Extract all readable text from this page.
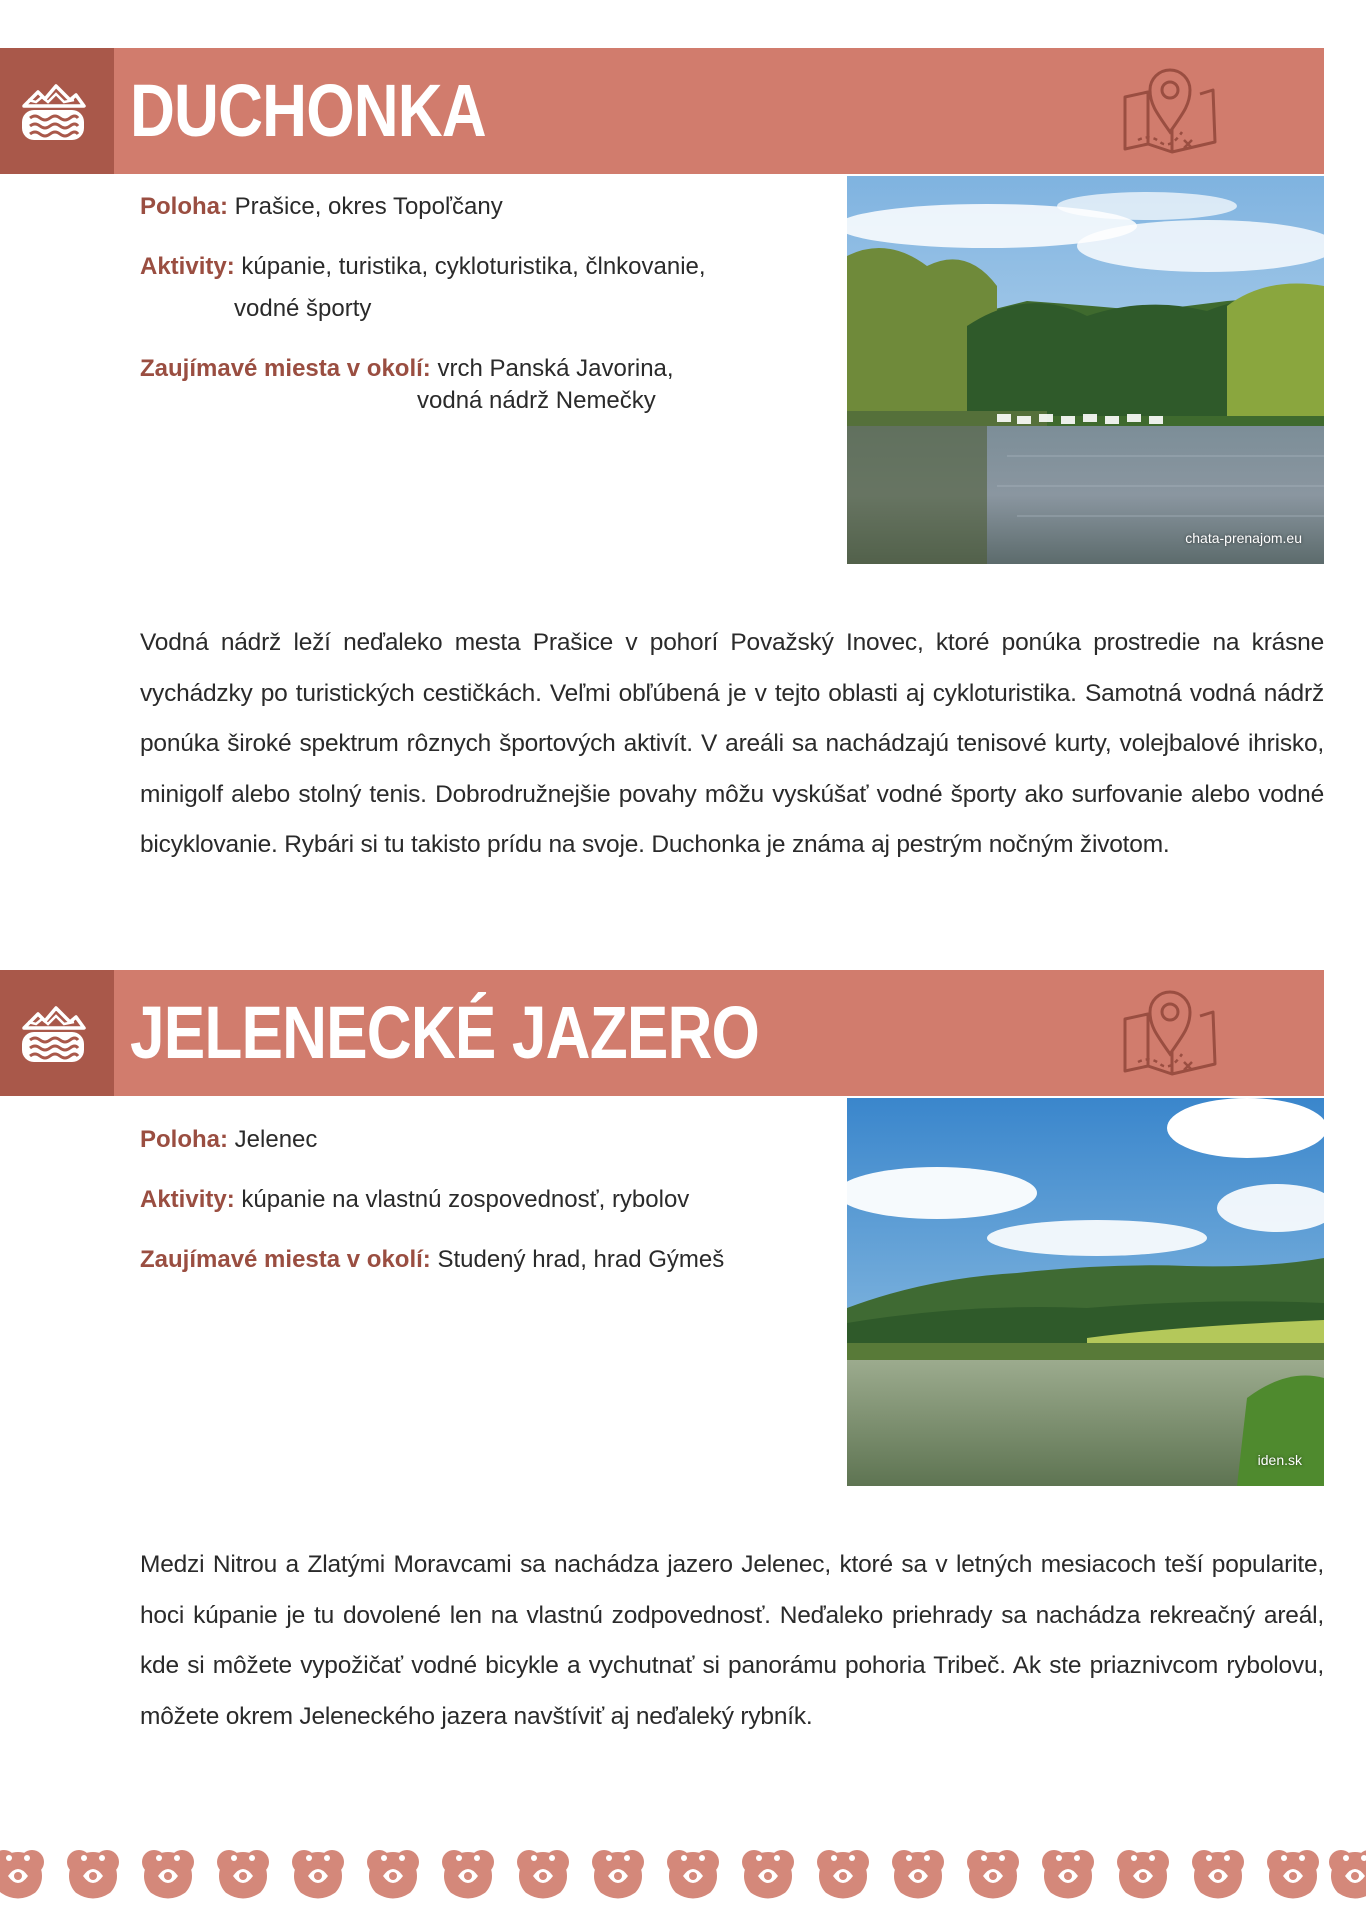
DUCHONKA
Poloha: Prašice, okres Topoľčany
Aktivity: kúpanie, turistika, cykloturistika, člnkovanie,
vodné športy
Zaujímavé miesta v okolí: vrch Panská Javorina,
vodná nádrž Nemečky
chata-prenajom.eu

Vodná nádrž leží neďaleko mesta Prašice v pohorí Považský Inovec, ktoré ponúka prostredie na krásne vychádzky po turistických cestičkách. Veľmi obľúbená je v tejto oblasti aj cykloturistika. Samotná vodná nádrž ponúka široké spektrum rôznych športových aktivít. V areáli sa nachádzajú tenisové kurty, volejbalové ihrisko, minigolf alebo stolný tenis. Dobrodružnejšie povahy môžu vyskúšať vodné športy ako surfovanie alebo vodné bicyklovanie. Rybári si tu takisto prídu na svoje. Duchonka je známa aj pestrým nočným životom.

JELENECKÉ JAZERO
Poloha: Jelenec
Aktivity: kúpanie na vlastnú zospovednosť, rybolov
Zaujímavé miesta v okolí: Studený hrad, hrad Gýmeš
iden.sk

Medzi Nitrou a Zlatými Moravcami sa nachádza jazero Jelenec, ktoré sa v letných mesiacoch teší popularite, hoci kúpanie je tu dovolené len na vlastnú zodpovednosť. Neďaleko priehrady sa nachádza rekreačný areál, kde si môžete vypožičať vodné bicykle a vychutnať si panorámu pohoria Tribeč. Ak ste priaznivcom rybolovu, môžete okrem Jeleneckého jazera navštíviť aj neďaleký rybník.
